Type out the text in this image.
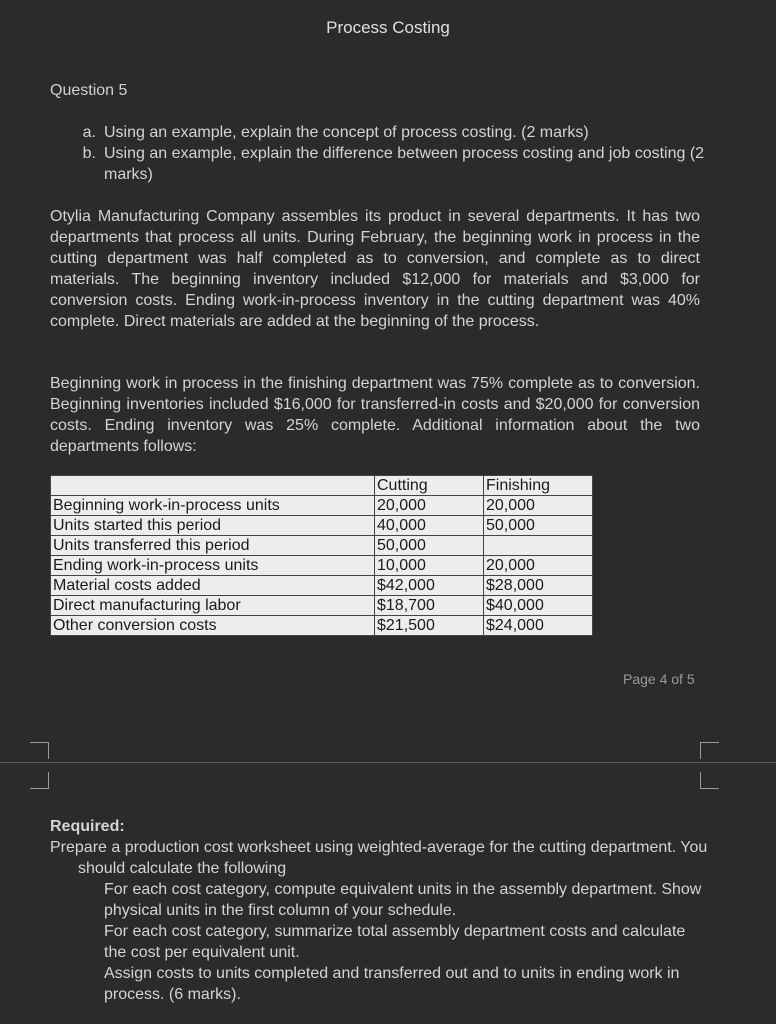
Process Costing
Question 5
a. Using an example, explain the concept of process costing. (2 marks)
b. Using an example, explain the difference between process costing and job costing (2 marks)
Otylia Manufacturing Company assembles its product in several departments. It has two departments that process all units. During February, the beginning work in process in the cutting department was half completed as to conversion, and complete as to direct materials. The beginning inventory included $12,000 for materials and $3,000 for conversion costs. Ending work-in-process inventory in the cutting department was 40% complete. Direct materials are added at the beginning of the process.
Beginning work in process in the finishing department was 75% complete as to conversion. Beginning inventories included $16,000 for transferred-in costs and $20,000 for conversion costs. Ending inventory was 25% complete. Additional information about the two departments follows:
	Cutting	Finishing
Beginning work-in-process units	20,000	20,000
Units started this period	40,000	50,000
Units transferred this period	50,000	
Ending work-in-process units	10,000	20,000
Material costs added	$42,000	$28,000
Direct manufacturing labor	$18,700	$40,000
Other conversion costs	$21,500	$24,000
Page 4 of 5
Required:
Prepare a production cost worksheet using weighted-average for the cutting department. You should calculate the following
For each cost category, compute equivalent units in the assembly department. Show physical units in the first column of your schedule.
For each cost category, summarize total assembly department costs and calculate the cost per equivalent unit.
Assign costs to units completed and transferred out and to units in ending work in process. (6 marks).
